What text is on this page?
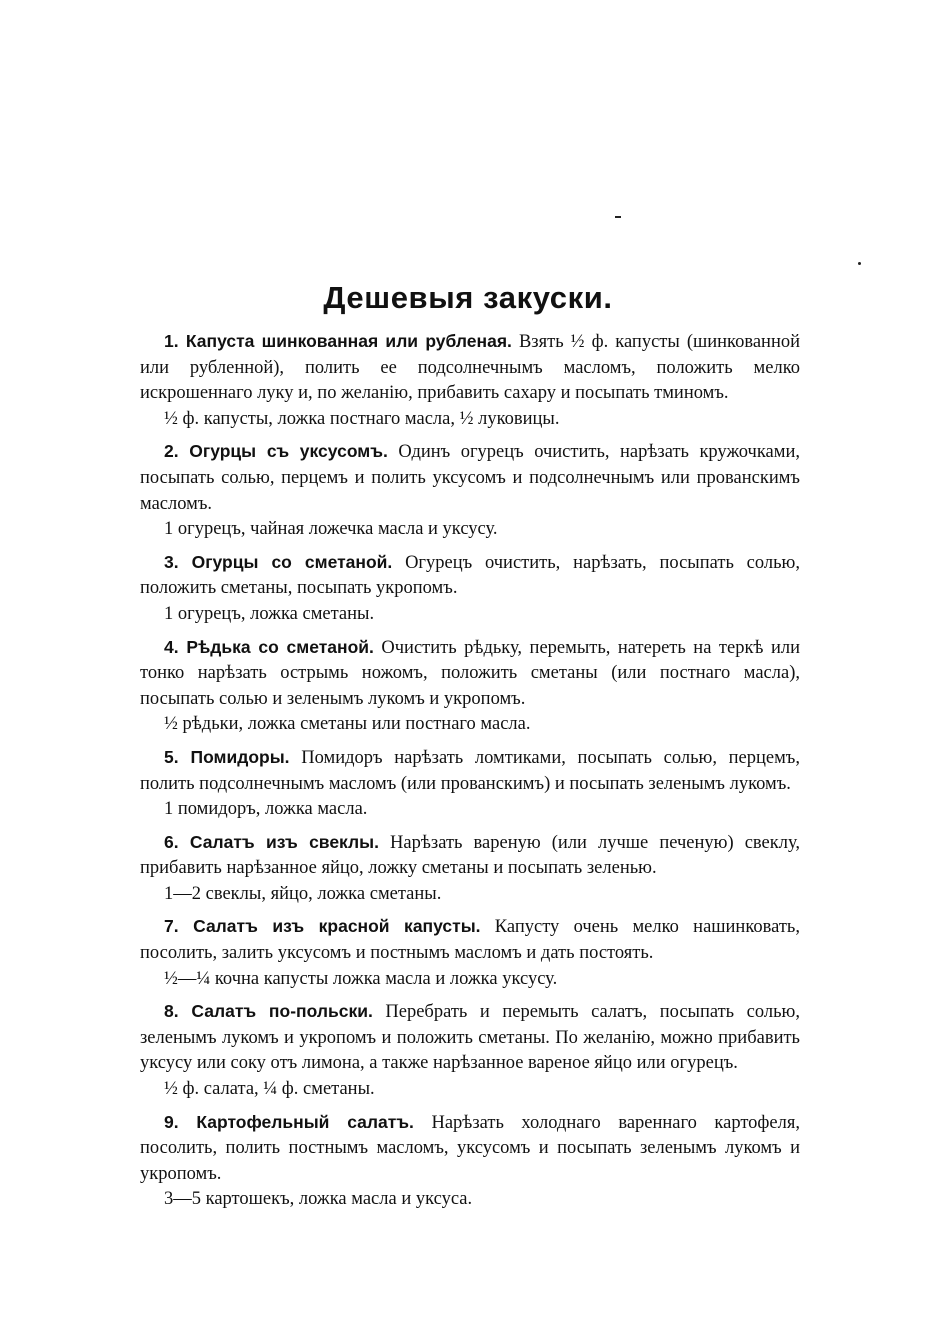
Дешевыя закуски.

1. Капуста шинкованная или рубленая. Взять ½ ф. капусты (шинкованной или рубленной), полить ее подсолнечнымъ масломъ, положить мелко искрошеннаго луку и, по желанію, прибавить сахару и посыпать тминомъ.

½ ф. капусты, ложка постнаго масла, ½ луковицы.

2. Огурцы съ уксусомъ. Одинъ огурецъ очистить, нарѣзать кружочками, посыпать солью, перцемъ и полить уксусомъ и подсолнечнымъ или прованскимъ масломъ.

1 огурецъ, чайная ложечка масла и уксусу.

3. Огурцы со сметаной. Огурецъ очистить, нарѣзать, посыпать солью, положить сметаны, посыпать укропомъ.

1 огурецъ, ложка сметаны.

4. Рѣдька со сметаной. Очистить рѣдьку, перемыть, натереть на теркѣ или тонко нарѣзать острымь ножомъ, положить сметаны (или постнаго масла), посыпать солью и зеленымъ лукомъ и укропомъ.

½ рѣдьки, ложка сметаны или постнаго масла.

5. Помидоры. Помидоръ нарѣзать ломтиками, посыпать солью, перцемъ, полить подсолнечнымъ масломъ (или прованскимъ) и посыпать зеленымъ лукомъ.

1 помидоръ, ложка масла.

6. Салатъ изъ свеклы. Нарѣзать вареную (или лучше печеную) свеклу, прибавить нарѣзанное яйцо, ложку сметаны и посыпать зеленью.

1—2 свеклы, яйцо, ложка сметаны.

7. Салатъ изъ красной капусты. Капусту очень мелко нашинковать, посолить, залить уксусомъ и постнымъ масломъ и дать постоять.

½—¼ кочна капусты ложка масла и ложка уксусу.

8. Салатъ по-польски. Перебрать и перемыть салатъ, посыпать солью, зеленымъ лукомъ и укропомъ и положить сметаны. По желанію, можно прибавить уксусу или соку отъ лимона, а также нарѣзанное вареное яйцо или огурецъ.

½ ф. салата, ¼ ф. сметаны.

9. Картофельный салатъ. Нарѣзать холоднаго вареннаго картофеля, посолить, полить постнымъ масломъ, уксусомъ и посыпать зеленымъ лукомъ и укропомъ.

3—5 картошекъ, ложка масла и уксуса.
